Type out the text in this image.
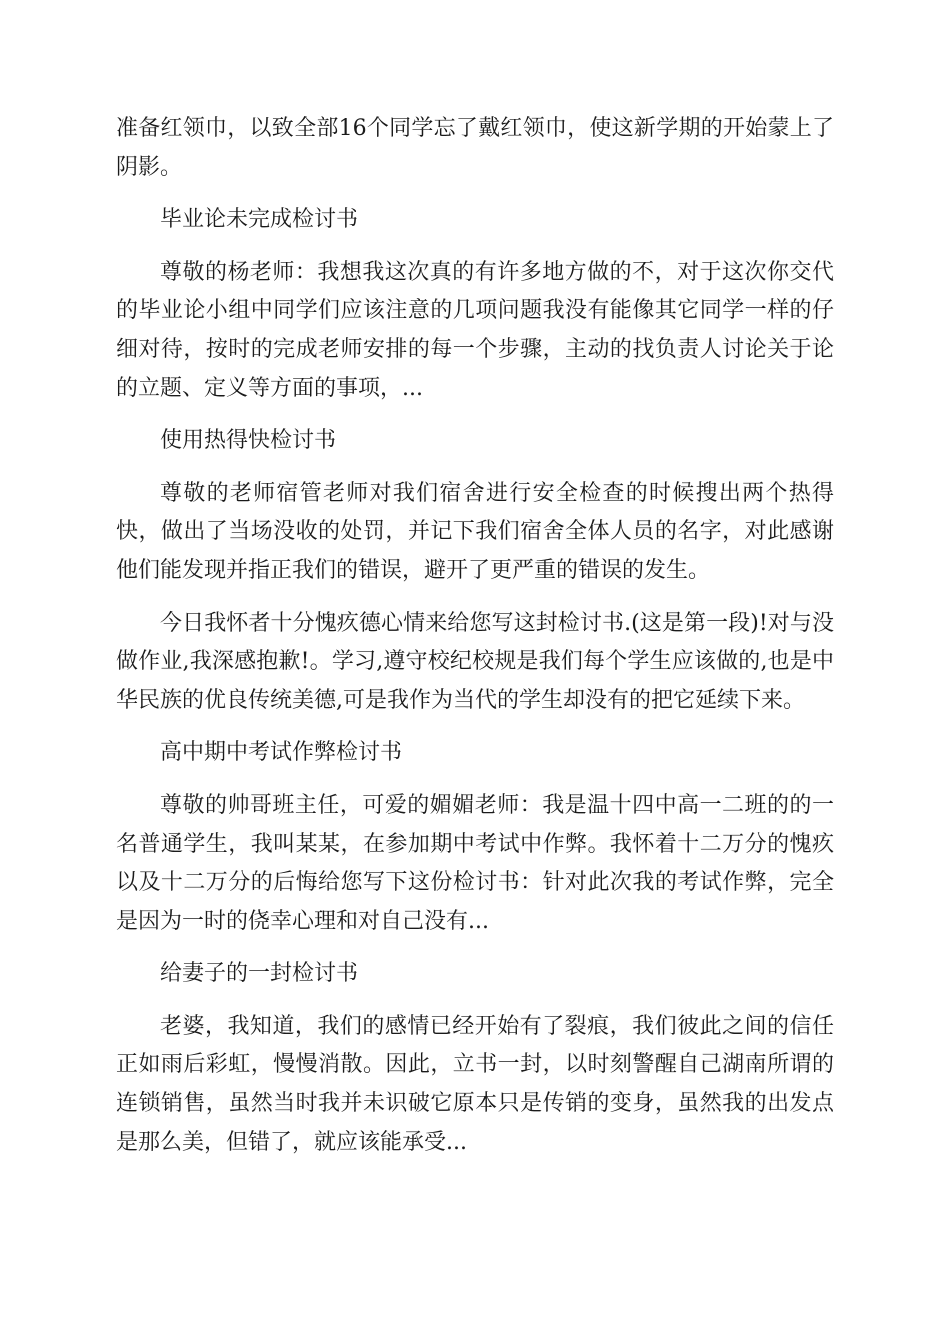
准备红领巾，以致全部16个同学忘了戴红领巾，使这新学期的开始蒙上了阴影。

毕业论未完成检讨书

尊敬的杨老师：我想我这次真的有许多地方做的不，对于这次你交代的毕业论小组中同学们应该注意的几项问题我没有能像其它同学一样的仔细对待，按时的完成老师安排的每一个步骤，主动的找负责人讨论关于论的立题、定义等方面的事项，...

使用热得快检讨书

尊敬的老师宿管老师对我们宿舍进行安全检查的时候搜出两个热得快，做出了当场没收的处罚，并记下我们宿舍全体人员的名字，对此感谢他们能发现并指正我们的错误，避开了更严重的错误的发生。

今日我怀者十分愧疚德心情来给您写这封检讨书.(这是第一段)!对与没做作业,我深感抱歉!。学习,遵守校纪校规是我们每个学生应该做的,也是中华民族的优良传统美德,可是我作为当代的学生却没有的把它延续下来。

高中期中考试作弊检讨书

尊敬的帅哥班主任，可爱的媚媚老师：我是温十四中高一二班的的一名普通学生，我叫某某，在参加期中考试中作弊。我怀着十二万分的愧疚以及十二万分的后悔给您写下这份检讨书：针对此次我的考试作弊，完全是因为一时的侥幸心理和对自己没有...

给妻子的一封检讨书

老婆，我知道，我们的感情已经开始有了裂痕，我们彼此之间的信任正如雨后彩虹，慢慢消散。因此，立书一封，以时刻警醒自己湖南所谓的连锁销售，虽然当时我并未识破它原本只是传销的变身，虽然我的出发点是那么美，但错了，就应该能承受...
